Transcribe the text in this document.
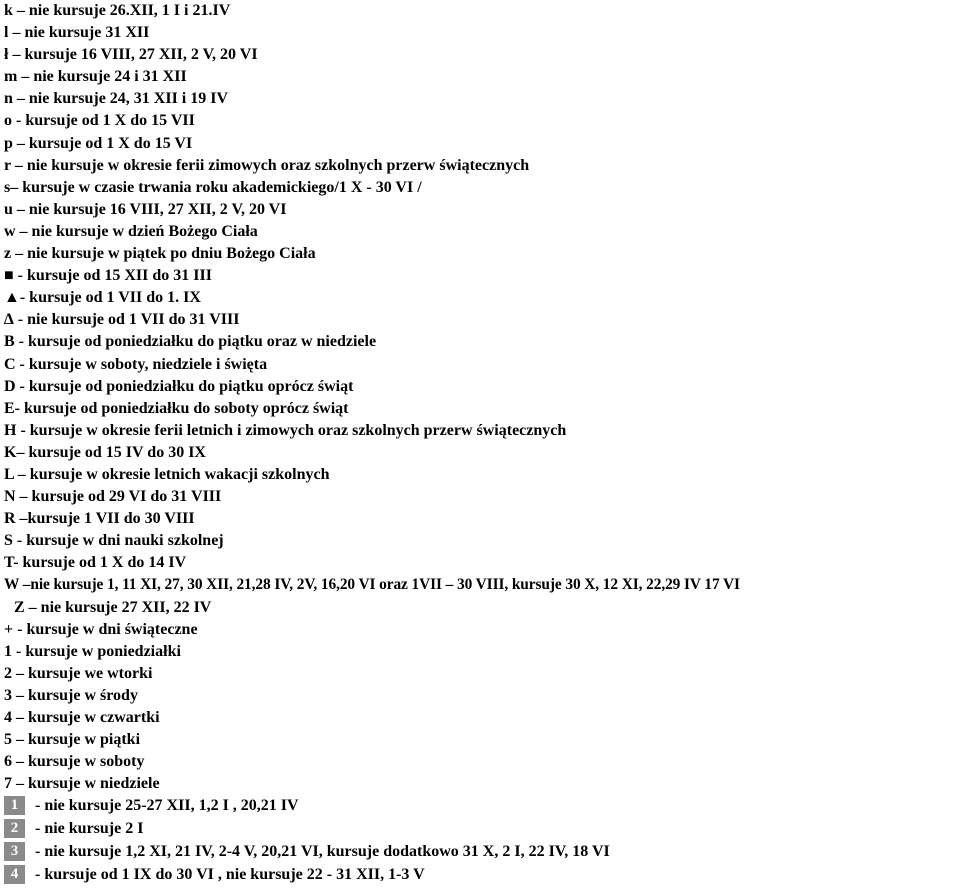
k – nie kursuje 26.XII, 1 I i 21.IV
l – nie kursuje 31 XII
ł – kursuje 16 VIII, 27 XII, 2 V, 20 VI
m – nie kursuje 24 i 31 XII
n – nie kursuje 24, 31 XII i 19 IV
o - kursuje od 1 X do 15 VII
p – kursuje od 1 X do 15 VI
r – nie kursuje w okresie ferii zimowych oraz szkolnych przerw świątecznych
s– kursuje w czasie trwania roku akademickiego/1 X - 30 VI /
u – nie kursuje 16 VIII, 27 XII, 2 V, 20 VI
w – nie kursuje w dzień Bożego Ciała
z – nie kursuje w piątek po dniu Bożego Ciała
■ - kursuje od 15 XII do 31 III
▲- kursuje od 1 VII do 1. IX
∆ - nie kursuje od 1 VII do 31 VIII
B - kursuje od poniedziałku do piątku oraz w niedziele
C - kursuje w soboty, niedziele i święta
D - kursuje od poniedziałku do piątku oprócz świąt
E- kursuje od poniedziałku do soboty oprócz świąt
H - kursuje w okresie ferii letnich i zimowych oraz szkolnych przerw świątecznych
K– kursuje od 15 IV do 30 IX
L – kursuje w okresie letnich wakacji szkolnych
N – kursuje od 29 VI do 31 VIII
R –kursuje 1 VII do 30 VIII
S - kursuje w dni nauki szkolnej
T- kursuje od 1 X do 14 IV
W –nie kursuje 1, 11 XI, 27, 30 XII, 21,28 IV, 2V, 16,20 VI oraz 1VII – 30 VIII, kursuje 30 X, 12 XI, 22,29 IV 17 VI
Z – nie kursuje 27 XII, 22 IV
+ - kursuje w dni świąteczne
1 - kursuje w poniedziałki
2 – kursuje we wtorki
3 – kursuje w środy
4 – kursuje w czwartki
5 – kursuje w piątki
6 – kursuje w soboty
7 – kursuje w niedziele
1 - nie kursuje 25-27 XII, 1,2 I , 20,21 IV
2 - nie kursuje 2 I
3 - nie kursuje 1,2 XI, 21 IV, 2-4 V, 20,21 VI, kursuje dodatkowo 31 X, 2 I, 22 IV, 18 VI
4 - kursuje od 1 IX do 30 VI , nie kursuje 22 - 31 XII, 1-3 V
